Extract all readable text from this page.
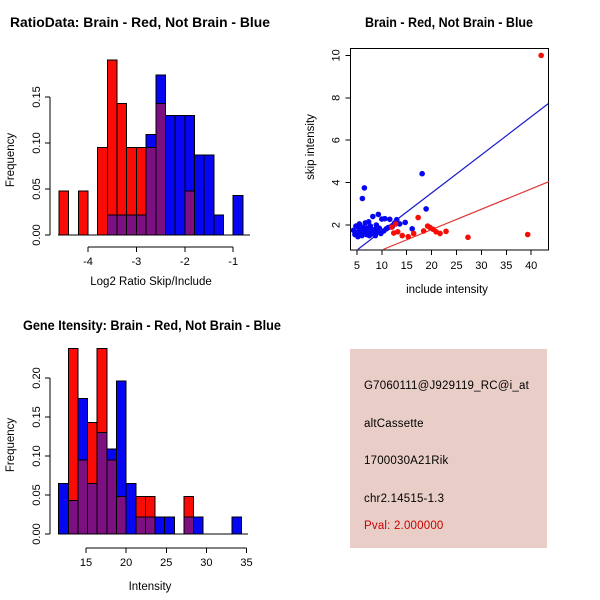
RatioData: Brain - Red, Not Brain - Blue
Frequency
Log2 Ratio Skip/Include
-4	-3	-2	-1
0.00
0.05
0.10
0.15
Brain - Red, Not Brain - Blue
skip intensity
include intensity
5 10 15 20 25 30 35 40
2
4
6
8
10
Gene Itensity: Brain - Red, Not Brain - Blue
Frequency
Intensity
15	20	25	30	35
0.00
0.05
0.10
0.15
0.20	G7060111@J929119_RC@i_at
altCassette
1700030A21Rik
chr2.14515-1.3
Pval: 2.000000
